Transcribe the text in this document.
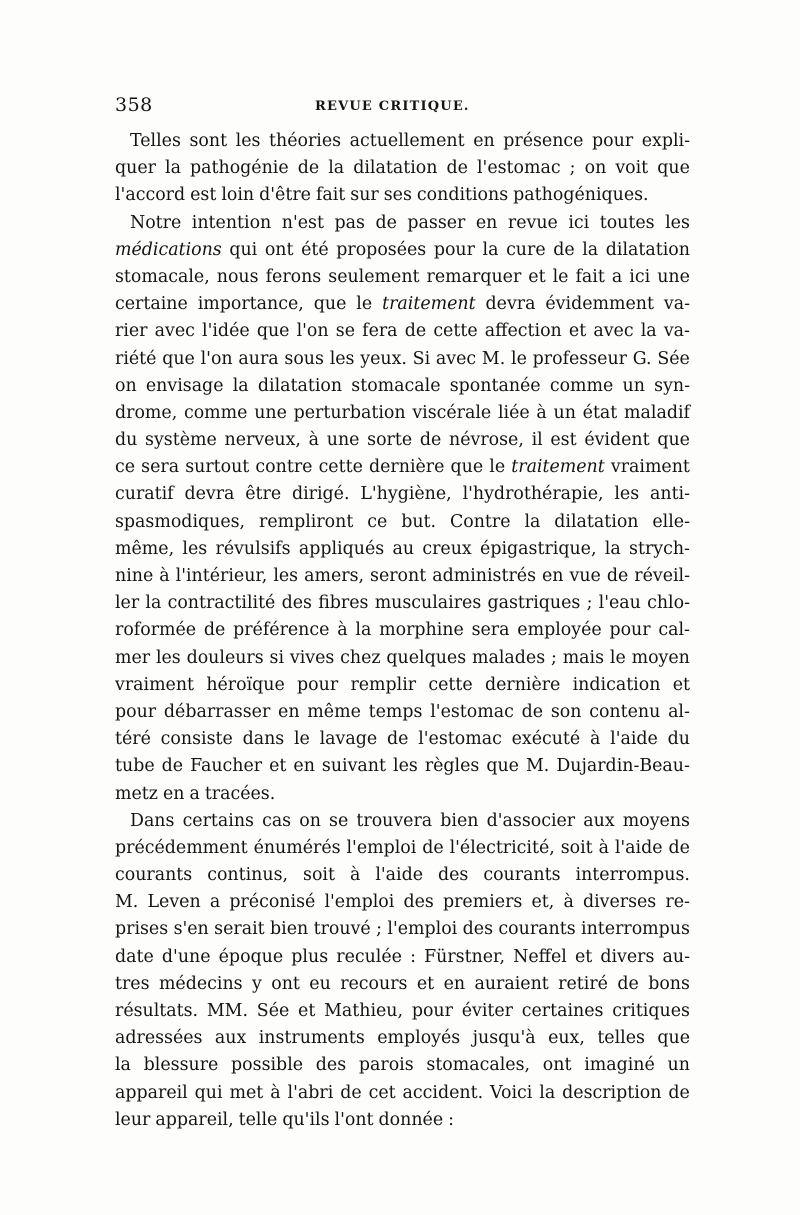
358	REVUE CRITIQUE.
Telles sont les théories actuellement en présence pour expli-
quer la pathogénie de la dilatation de l'estomac ; on voit que
l'accord est loin d'être fait sur ses conditions pathogéniques.
Notre intention n'est pas de passer en revue ici toutes les
médications qui ont été proposées pour la cure de la dilatation
stomacale, nous ferons seulement remarquer et le fait a ici une
certaine importance, que le traitement devra évidemment va-
rier avec l'idée que l'on se fera de cette affection et avec la va-
riété que l'on aura sous les yeux. Si avec M. le professeur G. Sée
on envisage la dilatation stomacale spontanée comme un syn-
drome, comme une perturbation viscérale liée à un état maladif
du système nerveux, à une sorte de névrose, il est évident que
ce sera surtout contre cette dernière que le traitement vraiment
curatif devra être dirigé. L'hygiène, l'hydrothérapie, les anti-
spasmodiques, rempliront ce but. Contre la dilatation elle-
même, les révulsifs appliqués au creux épigastrique, la strych-
nine à l'intérieur, les amers, seront administrés en vue de réveil-
ler la contractilité des fibres musculaires gastriques ; l'eau chlo-
roformée de préférence à la morphine sera employée pour cal-
mer les douleurs si vives chez quelques malades ; mais le moyen
vraiment héroïque pour remplir cette dernière indication et
pour débarrasser en même temps l'estomac de son contenu al-
téré consiste dans le lavage de l'estomac exécuté à l'aide du
tube de Faucher et en suivant les règles que M. Dujardin-Beau-
metz en a tracées.
Dans certains cas on se trouvera bien d'associer aux moyens
précédemment énumérés l'emploi de l'électricité, soit à l'aide de
courants continus, soit à l'aide des courants interrompus.
M. Leven a préconisé l'emploi des premiers et, à diverses re-
prises s'en serait bien trouvé ; l'emploi des courants interrompus
date d'une époque plus reculée : Fürstner, Neffel et divers au-
tres médecins y ont eu recours et en auraient retiré de bons
résultats. MM. Sée et Mathieu, pour éviter certaines critiques
adressées aux instruments employés jusqu'à eux, telles que
la blessure possible des parois stomacales, ont imaginé un
appareil qui met à l'abri de cet accident. Voici la description de
leur appareil, telle qu'ils l'ont donnée :
